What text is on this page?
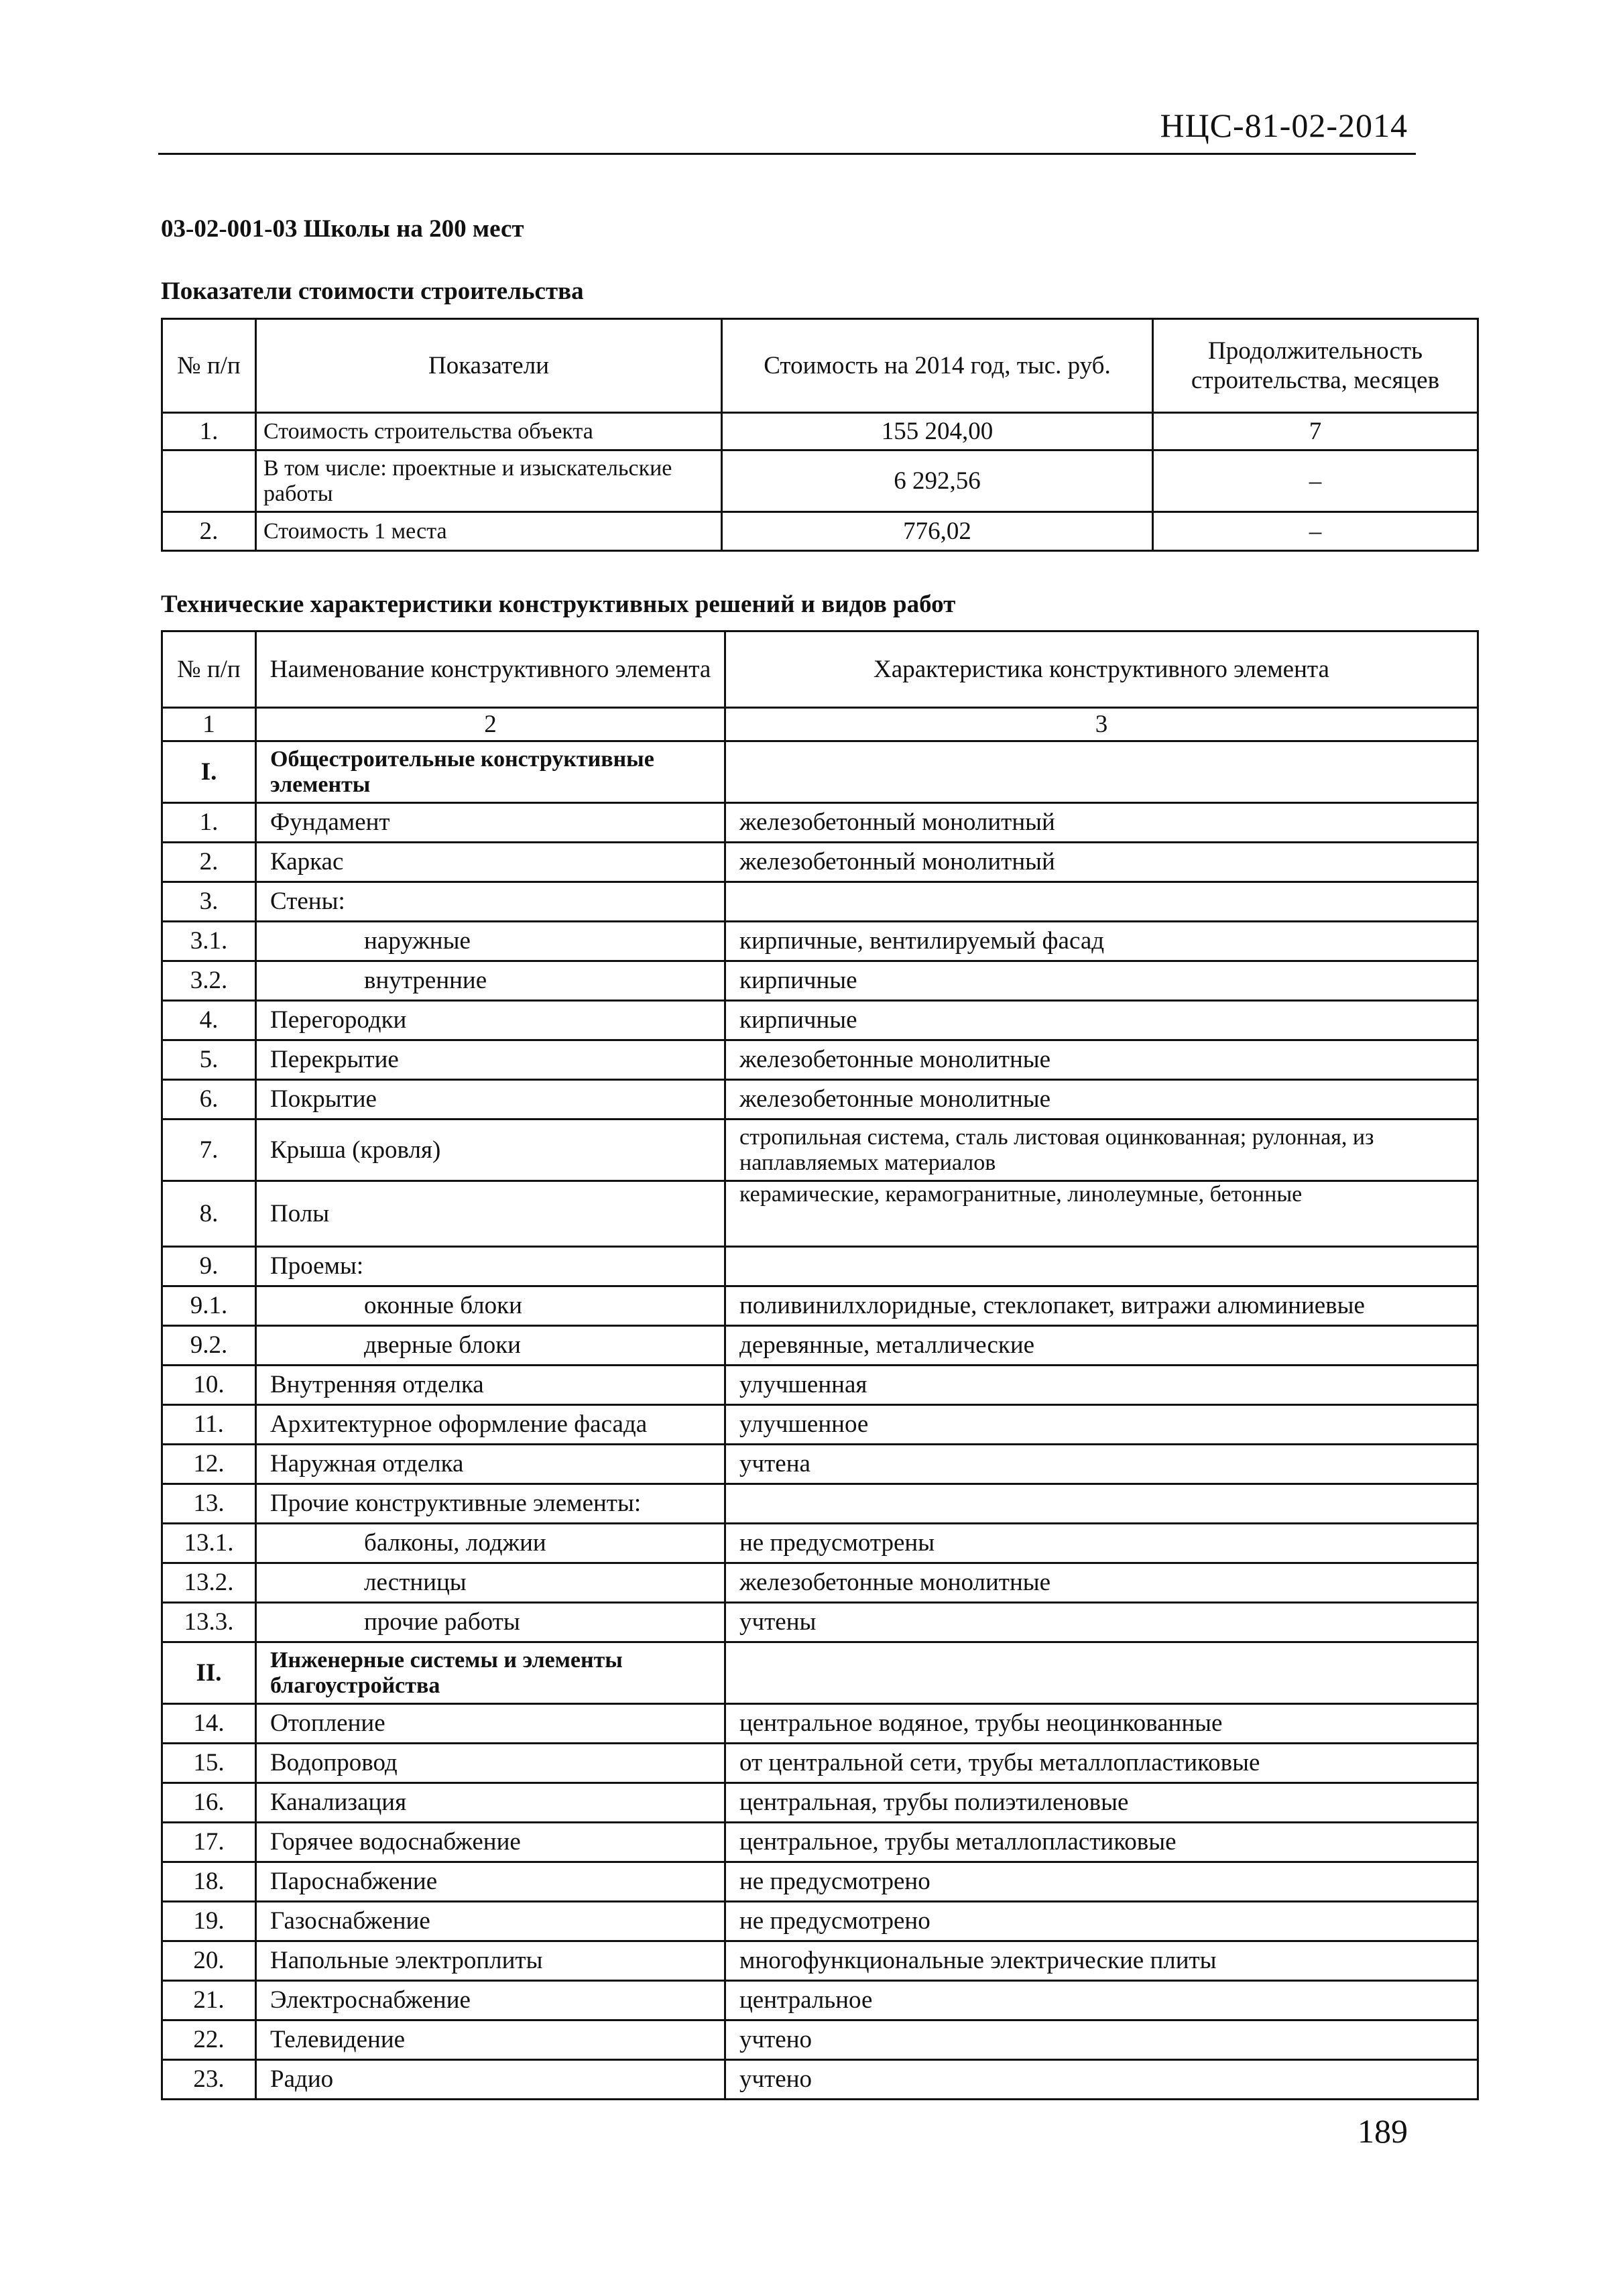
НЦС-81-02-2014
03-02-001-03 Школы на 200 мест
Показатели стоимости строительства
№ п/п	Показатели	Стоимость на 2014 год, тыс. руб.	Продолжительность строительства, месяцев
1.	Стоимость строительства объекта	155 204,00	7
	В том числе: проектные и изыскательские работы	6 292,56	–
2.	Стоимость 1 места	776,02	–
Технические характеристики конструктивных решений и видов работ
№ п/п	Наименование конструктивного элемента	Характеристика конструктивного элемента
1	2	3
I.	Общестроительные конструктивные элементы	
1.	Фундамент	железобетонный монолитный
2.	Каркас	железобетонный монолитный
3.	Стены:	
3.1.	наружные	кирпичные, вентилируемый фасад
3.2.	внутренние	кирпичные
4.	Перегородки	кирпичные
5.	Перекрытие	железобетонные монолитные
6.	Покрытие	железобетонные монолитные
7.	Крыша (кровля)	стропильная система, сталь листовая оцинкованная; рулонная, из наплавляемых материалов
8.	Полы	керамические, керамогранитные, линолеумные, бетонные
9.	Проемы:	
9.1.	оконные блоки	поливинилхлоридные, стеклопакет, витражи алюминиевые
9.2.	дверные блоки	деревянные, металлические
10.	Внутренняя отделка	улучшенная
11.	Архитектурное оформление фасада	улучшенное
12.	Наружная отделка	учтена
13.	Прочие конструктивные элементы:	
13.1.	балконы, лоджии	не предусмотрены
13.2.	лестницы	железобетонные монолитные
13.3.	прочие работы	учтены
II.	Инженерные системы и элементы благоустройства	
14.	Отопление	центральное водяное, трубы неоцинкованные
15.	Водопровод	от центральной сети, трубы металлопластиковые
16.	Канализация	центральная, трубы полиэтиленовые
17.	Горячее водоснабжение	центральное, трубы металлопластиковые
18.	Пароснабжение	не предусмотрено
19.	Газоснабжение	не предусмотрено
20.	Напольные электроплиты	многофункциональные электрические плиты
21.	Электроснабжение	центральное
22.	Телевидение	учтено
23.	Радио	учтено
189
